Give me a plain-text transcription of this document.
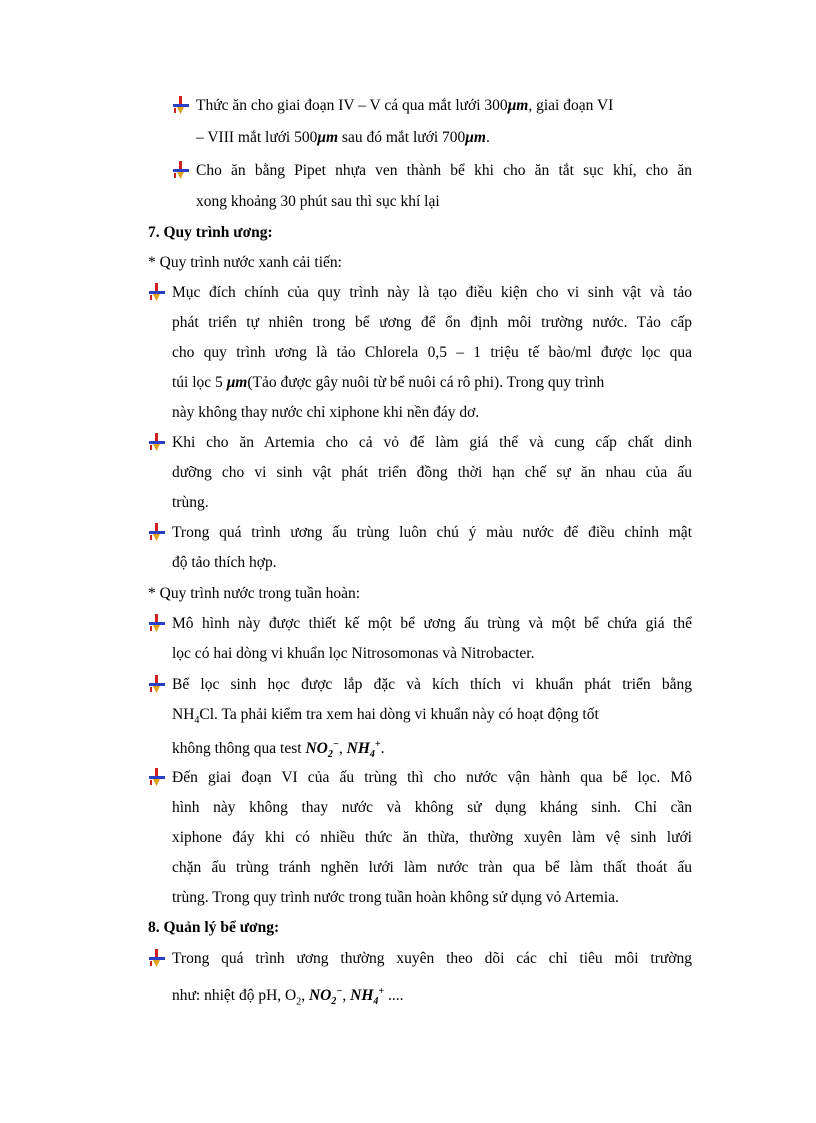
Thức ăn cho giai đoạn IV – V cá qua mắt lưới 300μm, giai đoạn VI
– VIII mắt lưới 500μm sau đó mắt lưới 700μm.
Cho ăn bằng Pipet nhựa ven thành bể khi cho ăn tắt sục khí, cho ăn
xong khoảng 30 phút sau thì sục khí lại
7. Quy trình ương:
* Quy trình nước xanh cải tiến:
Mục đích chính của quy trình này là tạo điều kiện cho vi sinh vật và tảo
phát triển tự nhiên trong bể ương để ổn định môi trường nước. Tảo cấp
cho quy trình ương là tảo Chlorela 0,5 – 1 triệu tế bào/ml được lọc qua
túi lọc 5 μm(Tảo được gây nuôi từ bể nuôi cá rô phi). Trong quy trình
này không thay nước chỉ xiphone khi nền đáy dơ.
Khi cho ăn Artemia cho cả vỏ để làm giá thể và cung cấp chất dinh
dưỡng cho vi sinh vật phát triển đồng thời hạn chế sự ăn nhau của ấu
trùng.
Trong quá trình ương ấu trùng luôn chú ý màu nước để điều chỉnh mật
độ tảo thích hợp.
* Quy trình nước trong tuần hoàn:
Mô hình này được thiết kế một bể ương ấu trùng và một bể chứa giá thể
lọc có hai dòng vi khuẩn lọc Nitrosomonas và Nitrobacter.
Bể lọc sinh học được lắp đặc và kích thích vi khuẩn phát triển bằng
$NH_4Cl$. Ta phải kiểm tra xem hai dòng vi khuẩn này có hoạt động tốt
không thông qua test $NO_2^-$, $NH_4^+$.
Đến giai đoạn VI của ấu trùng thì cho nước vận hành qua bể lọc. Mô
hình này không thay nước và không sử dụng kháng sinh. Chỉ cần
xiphone đáy khi có nhiều thức ăn thừa, thường xuyên làm vệ sinh lưới
chặn ấu trùng tránh nghẽn lưới làm nước tràn qua bể làm thất thoát ấu
trùng. Trong quy trình nước trong tuần hoàn không sử dụng vỏ Artemia.
8. Quản lý bể ương:
Trong quá trình ương thường xuyên theo dõi các chỉ tiêu môi trường
như: nhiệt độ pH, $O_2$, $NO_2^-$, $NH_4^+$ ....
